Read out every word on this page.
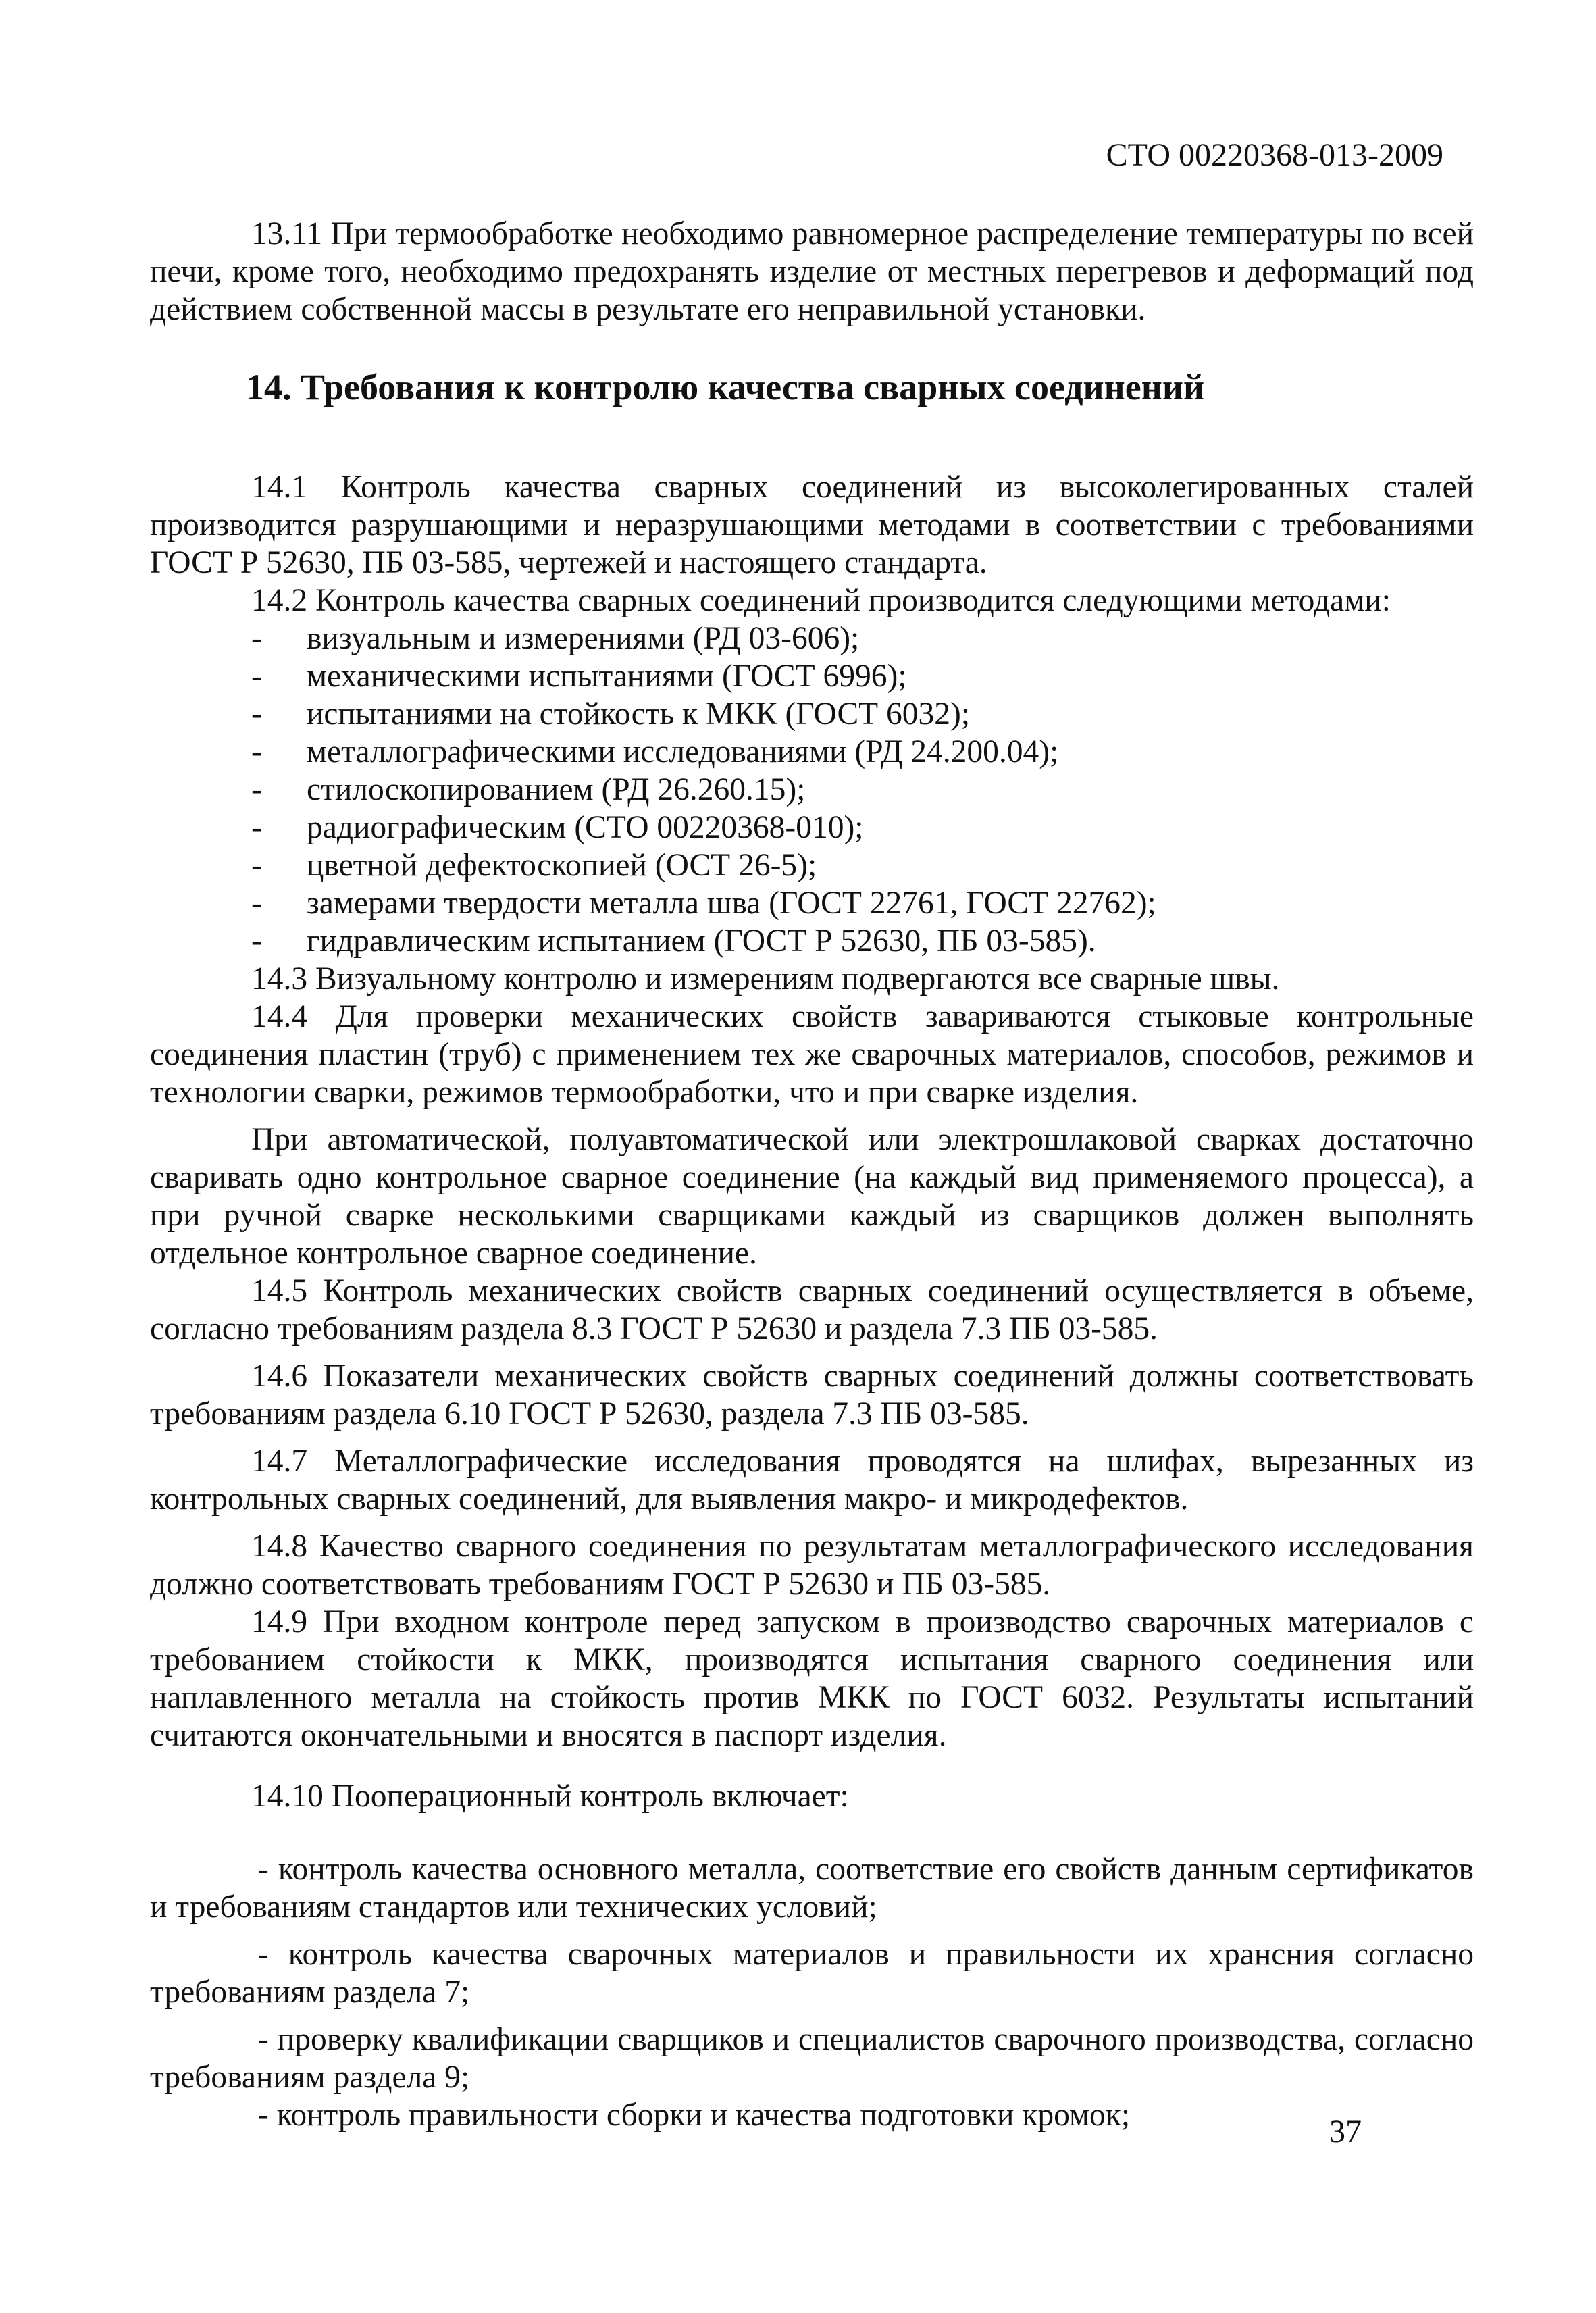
СТО 00220368-013-2009

13.11 При термообработке необходимо равномерное распределение температуры по всей печи, кроме того, необходимо предохранять изделие от местных перегревов и деформаций под действием собственной массы в результате его неправильной установки.

14. Требования к контролю качества сварных соединений

14.1 Контроль качества сварных соединений из высоколегированных сталей производится разрушающими и неразрушающими методами в соответствии с требованиями ГОСТ Р 52630, ПБ 03-585, чертежей и настоящего стандарта.

14.2 Контроль качества сварных соединений производится следующими методами:

- визуальным и измерениями (РД 03-606);
- механическими испытаниями (ГОСТ 6996);
- испытаниями на стойкость к МКК (ГОСТ 6032);
- металлографическими исследованиями (РД 24.200.04);
- стилоскопированием (РД 26.260.15);
- радиографическим (СТО 00220368-010);
- цветной дефектоскопией (ОСТ 26-5);
- замерами твердости металла шва (ГОСТ 22761, ГОСТ 22762);
- гидравлическим испытанием (ГОСТ Р 52630, ПБ 03-585).

14.3 Визуальному контролю и измерениям подвергаются все сварные швы.

14.4 Для проверки механических свойств завариваются стыковые контрольные соединения пластин (труб) с применением тех же сварочных материалов, способов, режимов и технологии сварки, режимов термообработки, что и при сварке изделия.

При автоматической, полуавтоматической или электрошлаковой сварках достаточно сваривать одно контрольное сварное соединение (на каждый вид применяемого процесса), а при ручной сварке несколькими сварщиками каждый из сварщиков должен выполнять отдельное контрольное сварное соединение.

14.5 Контроль механических свойств сварных соединений осуществляется в объеме, согласно требованиям раздела 8.3 ГОСТ Р 52630 и раздела 7.3 ПБ 03-585.

14.6 Показатели механических свойств сварных соединений должны соответствовать требованиям раздела 6.10 ГОСТ Р 52630, раздела 7.3 ПБ 03-585.

14.7 Металлографические исследования проводятся на шлифах, вырезанных из контрольных сварных соединений, для выявления макро- и микродефектов.

14.8 Качество сварного соединения по результатам металлографического исследования должно соответствовать требованиям ГОСТ Р 52630 и ПБ 03-585.

14.9 При входном контроле перед запуском в производство сварочных материалов с требованием стойкости к МКК, производятся испытания сварного соединения или наплавленного металла на стойкость против МКК по ГОСТ 6032. Результаты испытаний считаются окончательными и вносятся в паспорт изделия.

14.10 Пооперационный контроль включает:

- контроль качества основного металла, соответствие его свойств данным сертификатов и требованиям стандартов или технических условий;

- контроль качества сварочных материалов и правильности их хрансния согласно требованиям раздела 7;

- проверку квалификации сварщиков и специалистов сварочного производства, согласно требованиям раздела 9;

- контроль правильности сборки и качества подготовки кромок;	37
